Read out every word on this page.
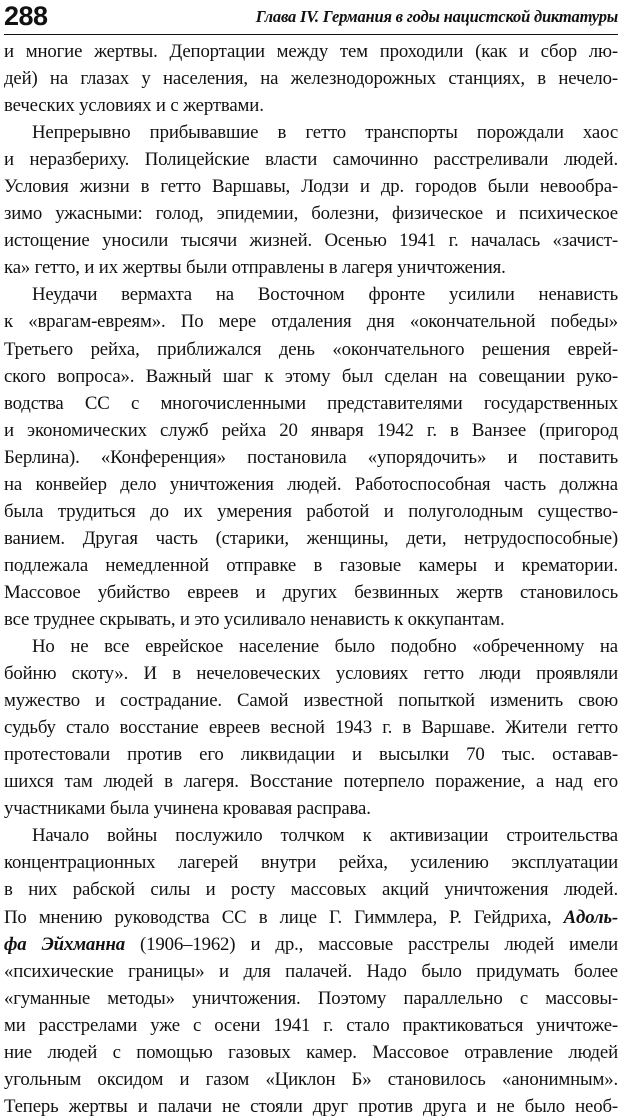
288	Глава IV. Германия в годы нацистской диктатуры
и многие жертвы. Депортации между тем проходили (как и сбор лю-
дей) на глазах у населения, на железнодорожных станциях, в нечело-
веческих условиях и с жертвами.
Непрерывно прибывавшие в гетто транспорты порождали хаос
и неразбериху. Полицейские власти самочинно расстреливали людей.
Условия жизни в гетто Варшавы, Лодзи и др. городов были невообра-
зимо ужасными: голод, эпидемии, болезни, физическое и психическое
истощение уносили тысячи жизней. Осенью 1941 г. началась «зачист-
ка» гетто, и их жертвы были отправлены в лагеря уничтожения.
Неудачи вермахта на Восточном фронте усилили ненависть
к «врагам-евреям». По мере отдаления дня «окончательной победы»
Третьего рейха, приближался день «окончательного решения еврей-
ского вопроса». Важный шаг к этому был сделан на совещании руко-
водства СС с многочисленными представителями государственных
и экономических служб рейха 20 января 1942 г. в Ванзее (пригород
Берлина). «Конференция» постановила «упорядочить» и поставить
на конвейер дело уничтожения людей. Работоспособная часть должна
была трудиться до их умерения работой и полуголодным существо-
ванием. Другая часть (старики, женщины, дети, нетрудоспособные)
подлежала немедленной отправке в газовые камеры и крематории.
Массовое убийство евреев и других безвинных жертв становилось
все труднее скрывать, и это усиливало ненависть к оккупантам.
Но не все еврейское население было подобно «обреченному на
бойню скоту». И в нечеловеческих условиях гетто люди проявляли
мужество и сострадание. Самой известной попыткой изменить свою
судьбу стало восстание евреев весной 1943 г. в Варшаве. Жители гетто
протестовали против его ликвидации и высылки 70 тыс. оставав-
шихся там людей в лагеря. Восстание потерпело поражение, а над его
участниками была учинена кровавая расправа.
Начало войны послужило толчком к активизации строительства
концентрационных лагерей внутри рейха, усилению эксплуатации
в них рабской силы и росту массовых акций уничтожения людей.
По мнению руководства СС в лице Г. Гиммлера, Р. Гейдриха, Адоль-
фа Эйхманна (1906–1962) и др., массовые расстрелы людей имели
«психические границы» и для палачей. Надо было придумать более
«гуманные методы» уничтожения. Поэтому параллельно с массовы-
ми расстрелами уже с осени 1941 г. стало практиковаться уничтоже-
ние людей с помощью газовых камер. Массовое отравление людей
угольным оксидом и газом «Циклон Б» становилось «анонимным».
Теперь жертвы и палачи не стояли друг против друга и не было необ-
